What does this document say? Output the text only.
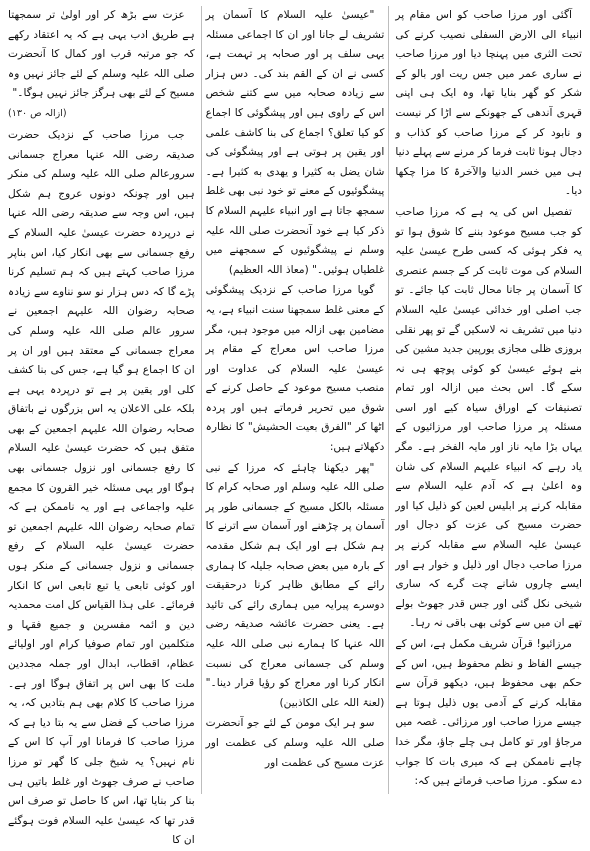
آگئی اور مرزا صاحب کو اس مقام پر انبیاء الی الارض السفلی نصیب کرنے کی تحت الثری میں پہنچا دیا اور مرزا صاحب نے ساری عمر میں جس ریت اور بالو کے شکر کو گھر بنایا تھا، وہ ایک ہی اپنی قہری آندھی کے جھونکے سے اڑا کر نیست و نابود کر کے مرزا صاحب کو کذاب و دجال ہونا ثابت فرما کر مرنے سے پہلے دنیا ہی میں خسر الدنیا والآخرۃ کا مزا چکھا دیا۔

تفصیل اس کی یہ ہے کہ مرزا صاحب کو جب مسیح موعود بننے کا شوق ہوا تو یہ فکر ہوئی کہ کسی طرح عیسیٰ علیہ السلام کی موت ثابت کر کے جسم عنصری کا آسمان پر جانا محال ثابت کیا جائے۔ تو جب اصلی اور خدائی عیسیٰ علیہ السلام دنیا میں تشریف نہ لاسکیں گے تو پھر نقلی بروزی ظلی مجازی یورپین جدید مشین کی بنے ہوئے عیسیٰ کو کوئی پوچھ ہی نہ سکے گا۔ اس بحث میں ازالہ اور تمام تصنیفات کے اوراق سیاہ کیے اور اسی مسئلہ پر مرزا صاحب اور مرزائیوں کے یہاں بڑا مایہ ناز اور مایہ الفخر ہے۔ مگر یاد رہے کہ انبیاء علیہم السلام کی شان وہ اعلیٰ ہے کہ آدم علیہ السلام سے مقابلہ کرنے پر ابلیس لعین کو ذلیل کیا اور حضرت مسیح کی عزت کو دجال اور عیسیٰ علیہ السلام سے مقابلہ کرنے پر مرزا صاحب دجال اور ذلیل و خوار ہے اور ایسے چاروں شانے چت گرے کہ ساری شیخی نکل گئی اور جس قدر جھوٹ بولے تھے ان میں سے کوئی بھی باقی نہ رہا۔

مرزائیو! قرآن شریف مکمل ہے، اس کے جیسے الفاظ و نظم محفوظ ہیں، اس کے حکم بھی محفوظ ہیں، دیکھو قرآن سے مقابلہ کرنے کے آدمی یوں ذلیل ہوتا ہے جیسے مرزا صاحب اور مرزائی۔ غصہ میں مرجاؤ اور تو کامل ہی چلے جاؤ، مگر خدا چاہے ناممکن ہے کہ میری بات کا جواب دے سکو۔ مرزا صاحب فرماتے ہیں کہ:

"عیسیٰ علیہ السلام کا آسمان پر تشریف لے جانا اور ان کا اجماعی مسئلہ یہی سلف پر اور صحابہ پر تہمت ہے، کسی نے ان کے القم بند کی۔ دس ہزار سے زیادہ صحابہ میں سے کتنے شخص اس کے راوی ہیں اور پیشگوئی کا اجماع کو کیا تعلق؟ اجماع کی بنا کاشف علمی اور یقین پر ہوتی ہے اور پیشگوئی کی شان یضل به کثیرا و یهدی به کثیرا ہے۔ پیشگوئیوں کے معنے تو خود نبی بھی غلط سمجھ جاتا ہے اور انبیاء علیہم السلام کا ذکر کیا ہے خود آنحضرت صلی اللہ علیہ وسلم نے پیشگوئیوں کے سمجھنے میں غلطیاں ہوئیں۔" (معاذ اللہ العظیم)

گویا مرزا صاحب کے نزدیک پیشگوئی کے معنی غلط سمجھنا سنت انبیاء ہے، یہ مضامین بھی ازالہ میں موجود ہیں، مگر مرزا صاحب اس معراج کے مقام پر عیسیٰ علیہ السلام کی عداوت اور منصب مسیح موعود کے حاصل کرنے کے شوق میں تحریر فرماتے ہیں اور پردہ اٹھا کر "الفرق بعیت الحشیش" کا نظارہ دکھلاتے ہیں:

"پھر دیکھنا چاہئے کہ مرزا کے نبی صلی اللہ علیہ وسلم اور صحابہ کرام کا مسئلہ بالکل مسیح کے جسمانی طور پر آسمان پر چڑھنے اور آسمان سے اترنے کا ہم شکل ہے اور ایک ہم شکل مقدمہ کے بارہ میں بعض صحابہ جلیلہ کا ہماری رائے کے مطابق ظاہر کرنا درحقیقت دوسرے پیرایہ میں ہماری رائے کی تائید ہے۔ یعنی حضرت عائشہ صدیقہ رضی اللہ عنہا کا ہمارے نبی صلی اللہ علیہ وسلم کی جسمانی معراج کی نسبت انکار کرنا اور معراج کو رؤیا قرار دینا۔" (لعنۃ اللہ علی الکاذبین)

سو ہر ایک مومن کے لئے جو آنحضرت صلی اللہ علیہ وسلم کی عظمت اور عزت مسیح کی عظمت اور

عزت سے بڑھ کر اور اولیٰ تر سمجھتا ہے طریق ادب یہی ہے کہ یہ اعتقاد رکھے کہ جو مرتبہ قرب اور کمال کا آنحضرت صلی اللہ علیہ وسلم کے لئے جائز نہیں وہ مسیح کے لئے بھی ہرگز جائز نہیں ہوگا۔"

(ازالہ ص ۱۳۰)

جب مرزا صاحب کے نزدیک حضرت صدیقہ رضی اللہ عنہا معراج جسمانی سرورعالم صلی اللہ علیہ وسلم کی منکر ہیں اور چونکہ دونوں عروج ہم شکل ہیں، اس وجہ سے صدیقہ رضی اللہ عنہا نے درپردہ حضرت عیسیٰ علیہ السلام کے رفع جسمانی سے بھی انکار کیا، اس بناپر مرزا صاحب کہتے ہیں کہ ہم تسلیم کرنا پڑے گا کہ دس ہزار نو سو نناوے سے زیادہ صحابہ رضوان اللہ علیہم اجمعین نے سرور عالم صلی اللہ علیہ وسلم کی معراج جسمانی کے معتقد ہیں اور ان پر ان کا اجماع ہو گیا ہے، جس کی بنا کشف کلی اور یقین پر ہے تو درپردہ یہی ہے بلکہ علی الاعلان یہ اس بزرگوں نے باتفاق صحابہ رضوان اللہ علیہم اجمعین کے بھی متفق ہیں کہ حضرت عیسیٰ علیہ السلام کا رفع جسمانی اور نزول جسمانی بھی ہوگا اور یہی مسئلہ خیر القرون کا مجمع علیہ واجماعی ہے اور یہ ناممکن ہے کہ تمام صحابہ رضوان اللہ علیہم اجمعین تو حضرت عیسیٰ علیہ السلام کے رفع جسمانی و نزول جسمانی کے منکر ہوں اور کوئی تابعی یا تبع تابعی اس کا انکار فرمائے۔ علی ہذا القیاس کل امت محمدیہ دین و ائمہ مفسرین و جمیع فقہا و متکلمین اور تمام صوفیا کرام اور اولیائے عظام، اقطاب، ابدال اور جملہ مجددین ملت کا بھی اس پر اتفاق ہوگا اور ہے۔ مرزا صاحب کا کلام بھی ہم بتادیں کہ، یہ مرزا صاحب کے فضل سے یہ بتا دیا ہے کہ مرزا صاحب کا فرمانا اور آپ کا اس کے نام نہیں؟ یہ شیخ جلی کا گھر تو مرزا صاحب نے صرف جھوٹ اور غلط باتیں ہی بنا کر بنایا تھا، اس کا حاصل تو صرف اس قدر تھا کہ عیسیٰ علیہ السلام فوت ہوگئے ان کا
